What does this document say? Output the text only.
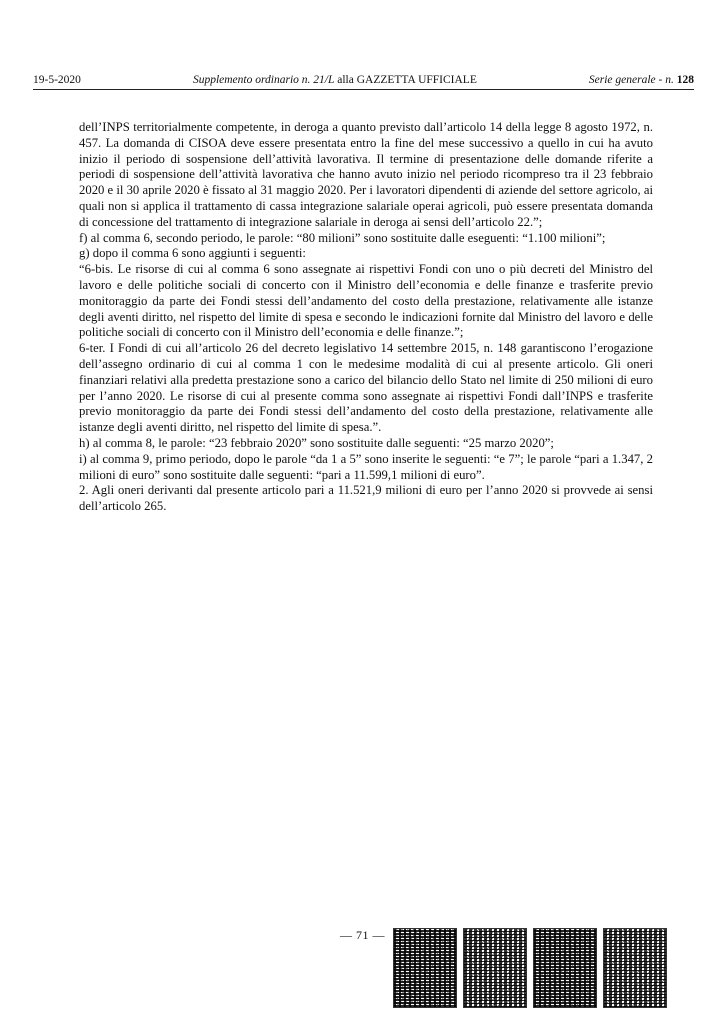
19-5-2020	Supplemento ordinario n. 21/L alla GAZZETTA UFFICIALE	Serie generale - n. 128

dell’INPS territorialmente competente, in deroga a quanto previsto dall’articolo 14 della legge 8 agosto 1972, n. 457. La domanda di CISOA deve essere presentata entro la fine del mese successivo a quello in cui ha avuto inizio il periodo di sospensione dell’attività lavorativa. Il termine di presentazione delle domande riferite a periodi di sospensione dell’attività lavorativa che hanno avuto inizio nel periodo ricompreso tra il 23 febbraio 2020 e il 30 aprile 2020 è fissato al 31 maggio 2020. Per i lavoratori dipendenti di aziende del settore agricolo, ai quali non si applica il trattamento di cassa integrazione salariale operai agricoli, può essere presentata domanda di concessione del trattamento di integrazione salariale in deroga ai sensi dell’articolo 22.”;

f) al comma 6, secondo periodo, le parole: “80 milioni” sono sostituite dalle eseguenti: “1.100 milioni”;

g) dopo il comma 6 sono aggiunti i seguenti:

“6-bis. Le risorse di cui al comma 6 sono assegnate ai rispettivi Fondi con uno o più decreti del Ministro del lavoro e delle politiche sociali di concerto con il Ministro dell’economia e delle finanze e trasferite previo monitoraggio da parte dei Fondi stessi dell’andamento del costo della prestazione, relativamente alle istanze degli aventi diritto, nel rispetto del limite di spesa e secondo le indicazioni fornite dal Ministro del lavoro e delle politiche sociali di concerto con il Ministro dell’economia e delle finanze.”;

6-ter. I Fondi di cui all’articolo 26 del decreto legislativo 14 settembre 2015, n. 148 garantiscono l’erogazione dell’assegno ordinario di cui al comma 1 con le medesime modalità di cui al presente articolo. Gli oneri finanziari relativi alla predetta prestazione sono a carico del bilancio dello Stato nel limite di 250 milioni di euro per l’anno 2020. Le risorse di cui al presente comma sono assegnate ai rispettivi Fondi dall’INPS e trasferite previo monitoraggio da parte dei Fondi stessi dell’andamento del costo della prestazione, relativamente alle istanze degli aventi diritto, nel rispetto del limite di spesa.”.

h) al comma 8, le parole: “23 febbraio 2020” sono sostituite dalle seguenti: “25 marzo 2020”;

i) al comma 9, primo periodo, dopo le parole “da 1 a 5” sono inserite le seguenti: “e 7”; le parole “pari a 1.347, 2 milioni di euro” sono sostituite dalle seguenti: “pari a 11.599,1 milioni di euro”.

2. Agli oneri derivanti dal presente articolo pari a 11.521,9 milioni di euro per l’anno 2020 si provvede ai sensi dell’articolo 265.

— 71 —
